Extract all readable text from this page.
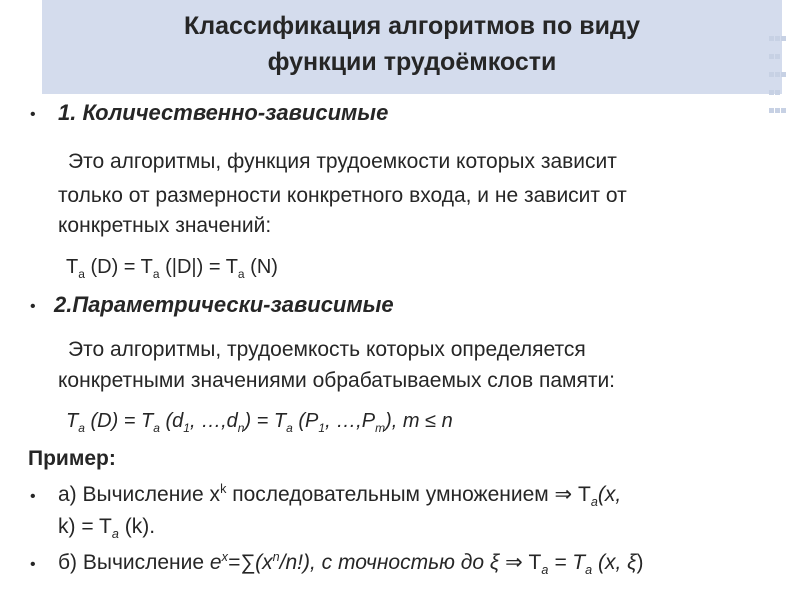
Классификация алгоритмов по виду
функции трудоёмкости

• 1. Количественно-зависимые
Это алгоритмы, функция трудоемкости которых зависит
только от размерности конкретного входа, и не зависит от
конкретных значений:
$T_a$ $(D) = T_a$ $(|D|) = T_a$ (N)
• 2.Параметрически-зависимые
Это алгоритмы, трудоемкость которых определяется
конкретными значениями обрабатываемых слов памяти:
$T_a$ $(D) = T_a$ ($d_1$, $\dots,d_n) = T_a$ ($P_1$, $\dots,P_m$), m ≤ n
Пример:
• а) Вычисление $x^k$ последовательным умножением ⇒ $T_a(x$,
$k) = T_a$ (k).
• б) Вычисление $e^x=\sum(x^n/n!)$, с точностью до ξ ⇒ $T_a = T_a$ (x, ξ)
